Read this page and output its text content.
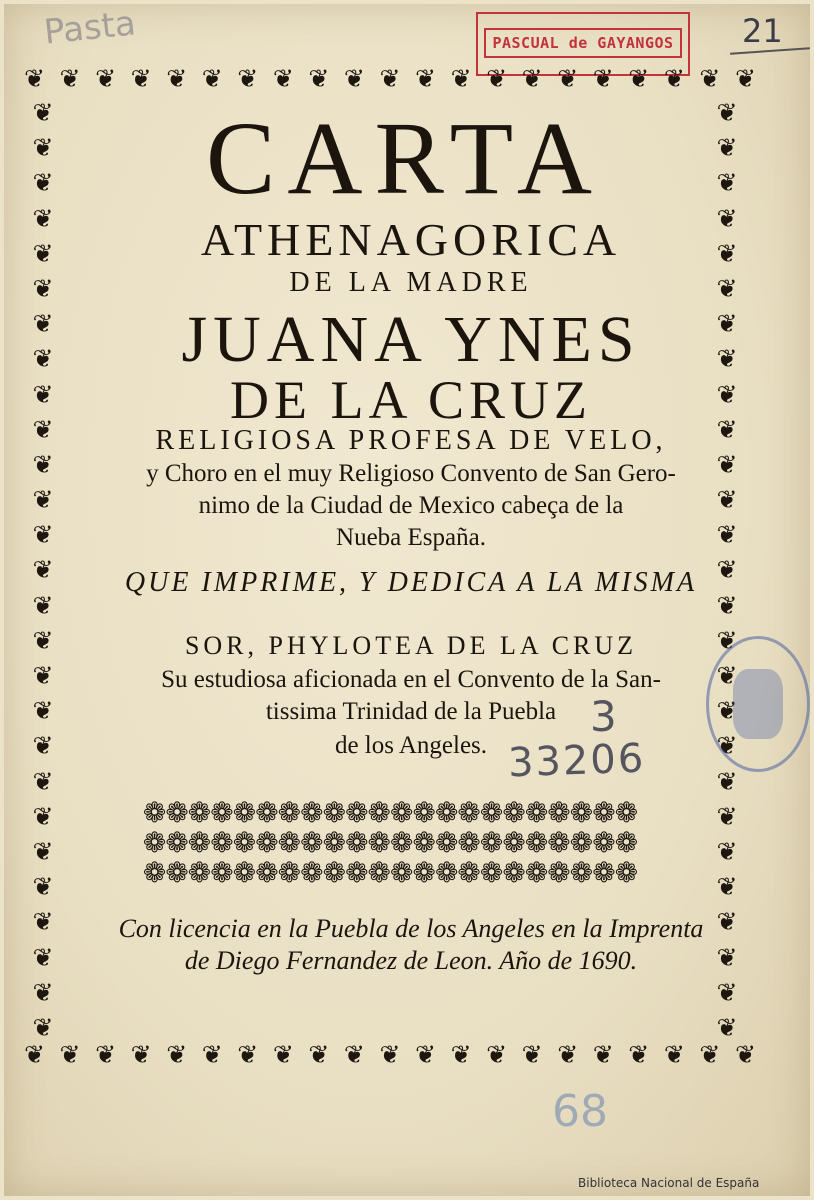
PASCUAL de GAYANGOS
Pasta	21
❦ ❦ ❦ ❦ ❦ ❦ ❦ ❦ ❦ ❦ ❦ ❦ ❦ ❦ ❦ ❦ ❦ ❦ ❦ ❦ ❦
❦ ❦ ❦ ❦ ❦ ❦ ❦ ❦ ❦ ❦ ❦ ❦ ❦ ❦ ❦ ❦ ❦ ❦ ❦ ❦ ❦
❦
❦
❦
❦
❦
❦
❦
❦
❦
❦
❦
❦
❦
❦
❦
❦
❦
❦
❦
❦
❦
❦
❦
❦
❦
❦
❦
❦
❦
❦
❦
❦
❦
❦
❦
❦
❦
❦
❦
❦
❦
❦
❦
❦
❦
❦
❦
❦
❦
❦
❦
❦
❦
❦
CARTA
ATHENAGORICA
DE LA MADRE
JUANA YNES
DE LA CRUZ
RELIGIOSA PROFESA DE VELO,
y Choro en el muy Religioso Convento de San Gero-
nimo de la Ciudad de Mexico cabeça de la
Nueba España.
QUE IMPRIME, Y DEDICA A LA MISMA
SOR, PHYLOTEA DE LA CRUZ
Su estudiosa aficionada en el Convento de la San-
tissima Trinidad de la Puebla
de los Angeles.
3
33206
❁❁❁❁❁❁❁❁❁❁❁❁❁❁❁❁❁❁❁❁❁❁
❁❁❁❁❁❁❁❁❁❁❁❁❁❁❁❁❁❁❁❁❁❁
❁❁❁❁❁❁❁❁❁❁❁❁❁❁❁❁❁❁❁❁❁❁
Con licencia en la Puebla de los Angeles en la Imprenta
de Diego Fernandez de Leon. Año de 1690.
68
Biblioteca Nacional de España
